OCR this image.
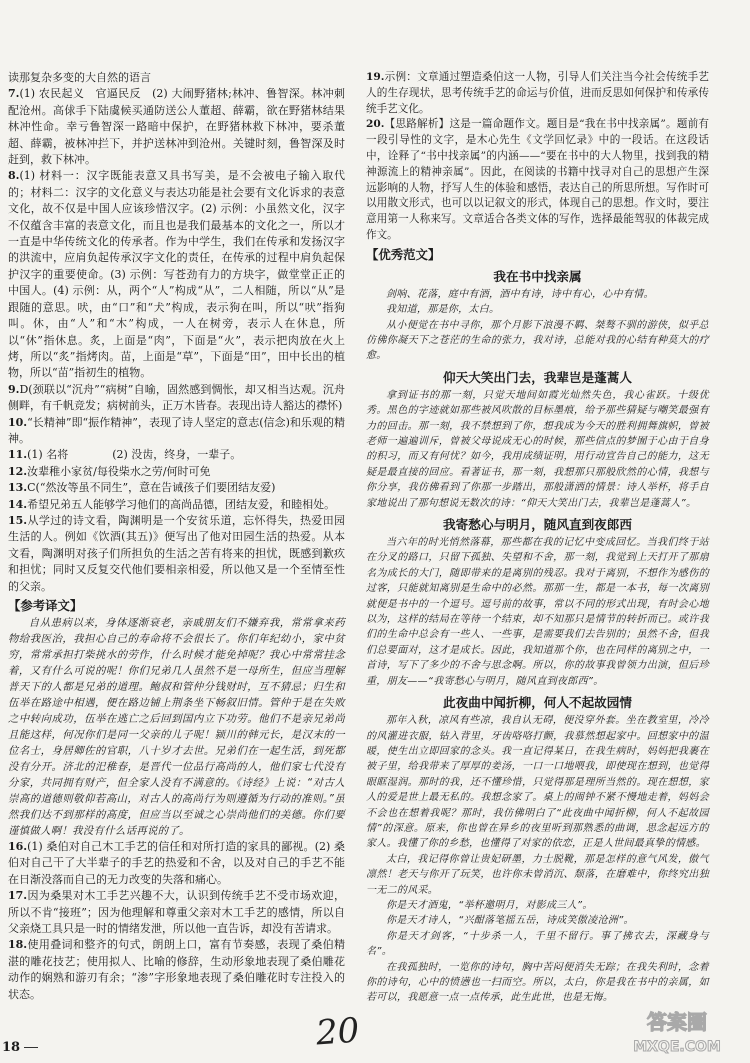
读那复杂多变的大自然的语言

7.(1) 农民起义　官逼民反　(2) 大闹野猪林;林冲、鲁智深。林冲刺配沧州。高俅手下陆虞候买通防送公人董超、薛霸，欲在野猪林结果林冲性命。幸亏鲁智深一路暗中保护，在野猪林救下林冲，要杀董超、薛霸，被林冲拦下，并护送林冲到沧州。关键时刻，鲁智深及时赶到，救下林冲。

8.(1) 材料一：汉字既能表意又具书写美，是不会被电子输入取代的；材料二：汉字的文化意义与表达功能是社会要有文化诉求的表意文化，故不仅是中国人应该珍惜汉字。(2) 示例：小虽然文化，汉字不仅蕴含丰富的表意文化，而且也是我们最基本的文化之一，所以才一直是中华传统文化的传承者。作为中学生，我们在传承和发扬汉字的洪流中，应肩负起传承汉字文化的责任，在传承的过程中肩负起保护汉字的重要使命。(3) 示例：写苍劲有力的方块字，做堂堂正正的中国人。(4) 示例：从，两个“人”构成“从”，二人相随，所以“从”是跟随的意思。吠，由“口”和“犬”构成，表示狗在叫，所以“吠”指狗叫。休，由“人”和“木”构成，一人在树旁，表示人在休息，所以“休”指休息。炙，上面是“肉”，下面是“火”，表示把肉放在火上烤，所以“炙”指烤肉。苗，上面是“草”，下面是“田”，田中长出的植物，所以“苗”指初生的植物。

9.D(颈联以“沉舟”“病树”自喻，固然感到惆怅，却又相当达观。沉舟侧畔，有千帆竞发；病树前头，正万木皆春。表现出诗人豁达的襟怀)

10.“长精神”即“振作精神”，表现了诗人坚定的意志(信念)和乐观的精神。

11.(1) 名将　　　　(2) 没齿，终身，一辈子。

12.汝辈稚小家贫/每役柴水之劳/何时可免

13.C(“然汝等虽不同生”，意在告诫孩子们要团结友爱)

14.希望兄弟五人能够学习他们的高尚品德，团结友爱，和睦相处。

15.从学过的诗文看，陶渊明是一个安贫乐道，忘怀得失，热爱田园生活的人。例如《饮酒(其五)》便写出了他对田园生活的热爱。从本文看，陶渊明对孩子们所担负的生活之苦有将来的担忧，既感到歉疚和担忧；同时又反复交代他们要相亲相爱，所以他又是一个至情至性的父亲。

【参考译文】

自从患病以来，身体逐渐衰老，亲戚朋友们不嫌弃我，常常拿来药物给我医治，我担心自己的寿命将不会很长了。你们年纪幼小，家中贫穷，常常承担打柴挑水的劳作，什么时候才能免掉呢？我心中常常挂念着，又有什么可说的呢！你们兄弟几人虽然不是一母所生，但应当理解普天下的人都是兄弟的道理。鲍叔和管仲分钱财时，互不猜忌；归生和伍举在路途中相遇，便在路边铺上荆条坐下畅叙旧情。管仲于是在失败之中转向成功，伍举在逃亡之后回到国内立下功劳。他们不是亲兄弟尚且能这样，何况你们是同一父亲的儿子呢！颍川的韩元长，是汉末的一位名士，身居卿佐的官职，八十岁才去世。兄弟们在一起生活，到死都没有分开。济北的汜稚春，是晋代一位品行高尚的人，他们家七代没有分家，共同拥有财产，但全家人没有不满意的。《诗经》上说：“对古人崇高的道德则敬仰若高山，对古人的高尚行为则遵循为行动的准则。”虽然我们达不到那样的高度，但应当以至诚之心崇尚他们的美德。你们要谨慎做人啊！我没有什么话再说的了。

16.(1) 桑伯对自己木工手艺的信任和对所打造的家具的鄙视。(2) 桑伯对自己干了大半辈子的手艺的热爱和不舍，以及对自己的手艺不能在日渐没落而自己的无力改变的失落和痛心。

17.因为桑果对木工手艺兴趣不大，认识到传统手艺不受市场欢迎，所以不肯“接班”；因为他理解和尊重父亲对木工手艺的感情，所以自父亲烧工具只是一时的情绪发泄，所以他一直告诉，却没有苦请求。

18.使用叠词和整齐的句式，朗朗上口，富有节奏感，表现了桑伯精湛的雕花技艺；使用拟人、比喻的修辞，生动形象地表现了桑伯雕花动作的娴熟和游刃有余；“渗”字形象地表现了桑伯雕花时专注投入的状态。

19.示例：文章通过塑造桑伯这一人物，引导人们关注当今社会传统手艺人的生存现状，思考传统手艺的命运与价值，进而反思如何保护和传承传统手艺文化。

20.【思路解析】这是一篇命题作文。题目是“我在书中找亲属”。题前有一段引导性的文字，是木心先生《文学回忆录》中的一段话。在这段话中，诠释了“书中找亲属”的内涵——“要在书中的大人物里，找到我的精神源流上的精神亲属”。因此，在阅读的书籍中找寻对自己的思想产生深远影响的人物，抒写人生的体验和感悟，表达自己的所思所想。写作时可以用散文形式，也可以以记叙文的形式，体现自己的思想。作文时，要注意用第一人称来写。文章适合各类文体的写作，选择最能驾驭的体裁完成作文。

【优秀范文】
我在书中找亲属

剑响、花落，庭中有酒，酒中有诗，诗中有心，心中有情。

我知道，那是你，太白。

从小便觉在书中寻你，那个月影下浪漫不羁、桀骜不驯的游侠，似乎总仿佛你凝天下之苍茫的生命的张力，我对诗，总能对我的心结有种莫大的疗愈。

仰天大笑出门去，我辈岂是蓬蒿人

拿到证书的那一刻，只觉天地间如霞光灿然失色，我心雀跃。十级优秀。黑色的字迹就如那些被风吹散的目标墨痕，给予那些猜疑与嘲笑最强有力的回击。那一刻，我不禁想到了你，想我成为今天的胜利拥舞旗帜，曾被老师一遍遍训斥，曾被父母说成无心的时候，那些信点的梦囿于心由于自身的积习，而又有何忧？如今，我用成绩证明，用行动宣告自己的能力，这无疑是最直接的回应。看著证书，那一刻，我想那只那般欣然的心情，我想与你分享，我仿佛看到了你那一步踏出，那般潇洒的情景：诗人举杯，将手自家地说出了那句想说无数次的诗：“仰天大笑出门去，我辈岂是蓬蒿人”。

我寄愁心与明月，随风直到夜郎西

当六年的时光悄然落幕，那些都在我的记忆中变成回忆。当我们终于站在分叉的路口，只留下孤独、失望和不舍，那一刻，我觉到上天打开了那扇名为成长的大门，随即带来的是离别的残忍。我对于离别，不想作为感伤的过客，只能就知离别是生命中的必然。那那一生，都是一本书，每一次离别就便是书中的一个逗号。逗号前的故事，常以不同的形式出现，有时会心地以为，这样的结局在等待一个结束，却不知那只是情节的转折而已。或许我们的生命中总会有一些人、一些事，是需要我们去告别的；虽然不舍，但我们总要面对，这才是成长。因此，我知道那个你，也在同样的离别之中，一首诗，写下了多少的不舍与思念啊。所以，你的故事我曾领力出演，但后珍重，朋友——“我寄愁心与明月，随风直到夜郎西”。

此夜曲中闻折柳，何人不起故园情

那年入秋，凉风有些凉，我自认无碍，便没穿外套。坐在教室里，冷冷的风灌进衣服，钻入背里，牙齿咯咯打颤，我慕然想起家中。回想家中的温暖，使生出立即回家的念头。我一直记得某日，在我生病时，妈妈把我裹在被子里，给我带来了厚厚的姜汤，一口一口地喂我，即使现在想到，也觉得眼眶湿润。那时的我，还不懂珍惜，只觉得那是理所当然的。现在想想，家人的爱是世上最无私的。我想念家了。桌上的闹钟不紧不慢地走着，妈妈会不会也在想着我呢？那时，我仿佛明白了“此夜曲中闻折柳，何人不起故园情”的深意。原来，你也曾在异乡的夜里听到那熟悉的曲调，思念起远方的家人。我懂了你的乡愁，也懂得了对家的依恋，正是人世间最真挚的情感。

太白，我记得你曾让贵妃研墨，力士脱靴，那是怎样的意气风发，傲气凛然！老天与你开了玩笑，也许你未曾消沉、颓落，在磨难中，你终究出独一无二的风采。

你是天才酒鬼，“举杯邀明月，对影成三人”。

你是天才诗人，“兴酣落笔摇五岳，诗成笑傲凌沧洲”。

你是天才剑客，“十步杀一人，千里不留行。事了拂衣去，深藏身与名”。

在我孤独时，一览你的诗句，胸中苦闷便消失无踪；在我失利时，念着你的诗句，心中的愤懑也一扫而空。所以，太白，你是我在书中的亲属，如若可以，我愿意一点一点传承，此生此世，也是无悔。

18	20	答案圈
MXQE.COM
